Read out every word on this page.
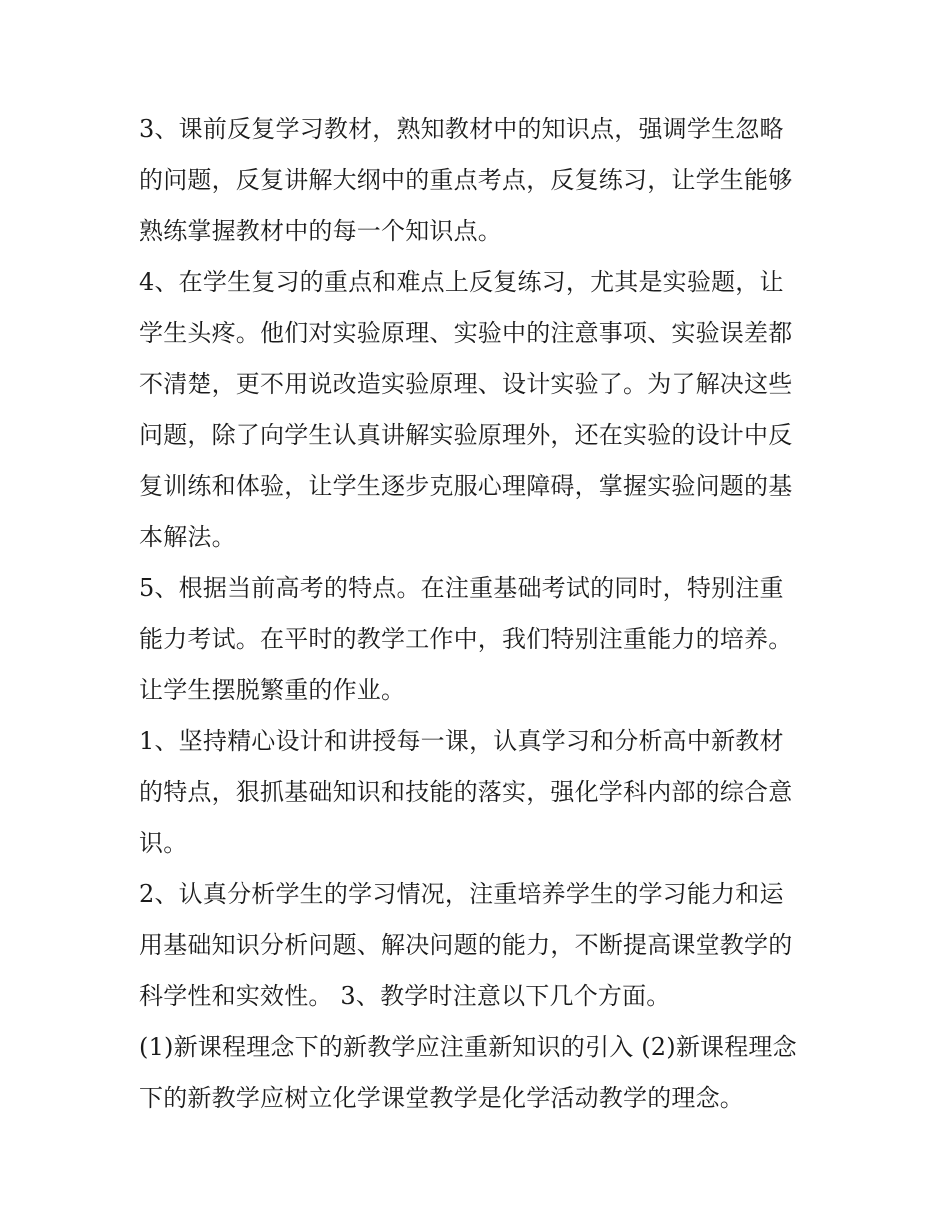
3、课前反复学习教材，熟知教材中的知识点，强调学生忽略
的问题，反复讲解大纲中的重点考点，反复练习，让学生能够
熟练掌握教材中的每一个知识点。
4、在学生复习的重点和难点上反复练习，尤其是实验题，让
学生头疼。他们对实验原理、实验中的注意事项、实验误差都
不清楚，更不用说改造实验原理、设计实验了。为了解决这些
问题，除了向学生认真讲解实验原理外，还在实验的设计中反
复训练和体验，让学生逐步克服心理障碍，掌握实验问题的基
本解法。
5、根据当前高考的特点。在注重基础考试的同时，特别注重
能力考试。在平时的教学工作中，我们特别注重能力的培养。
让学生摆脱繁重的作业。
1、坚持精心设计和讲授每一课，认真学习和分析高中新教材
的特点，狠抓基础知识和技能的落实，强化学科内部的综合意
识。
2、认真分析学生的学习情况，注重培养学生的学习能力和运
用基础知识分析问题、解决问题的能力，不断提高课堂教学的
科学性和实效性。 3、教学时注意以下几个方面。
(1)新课程理念下的新教学应注重新知识的引入 (2)新课程理念
下的新教学应树立化学课堂教学是化学活动教学的理念。
